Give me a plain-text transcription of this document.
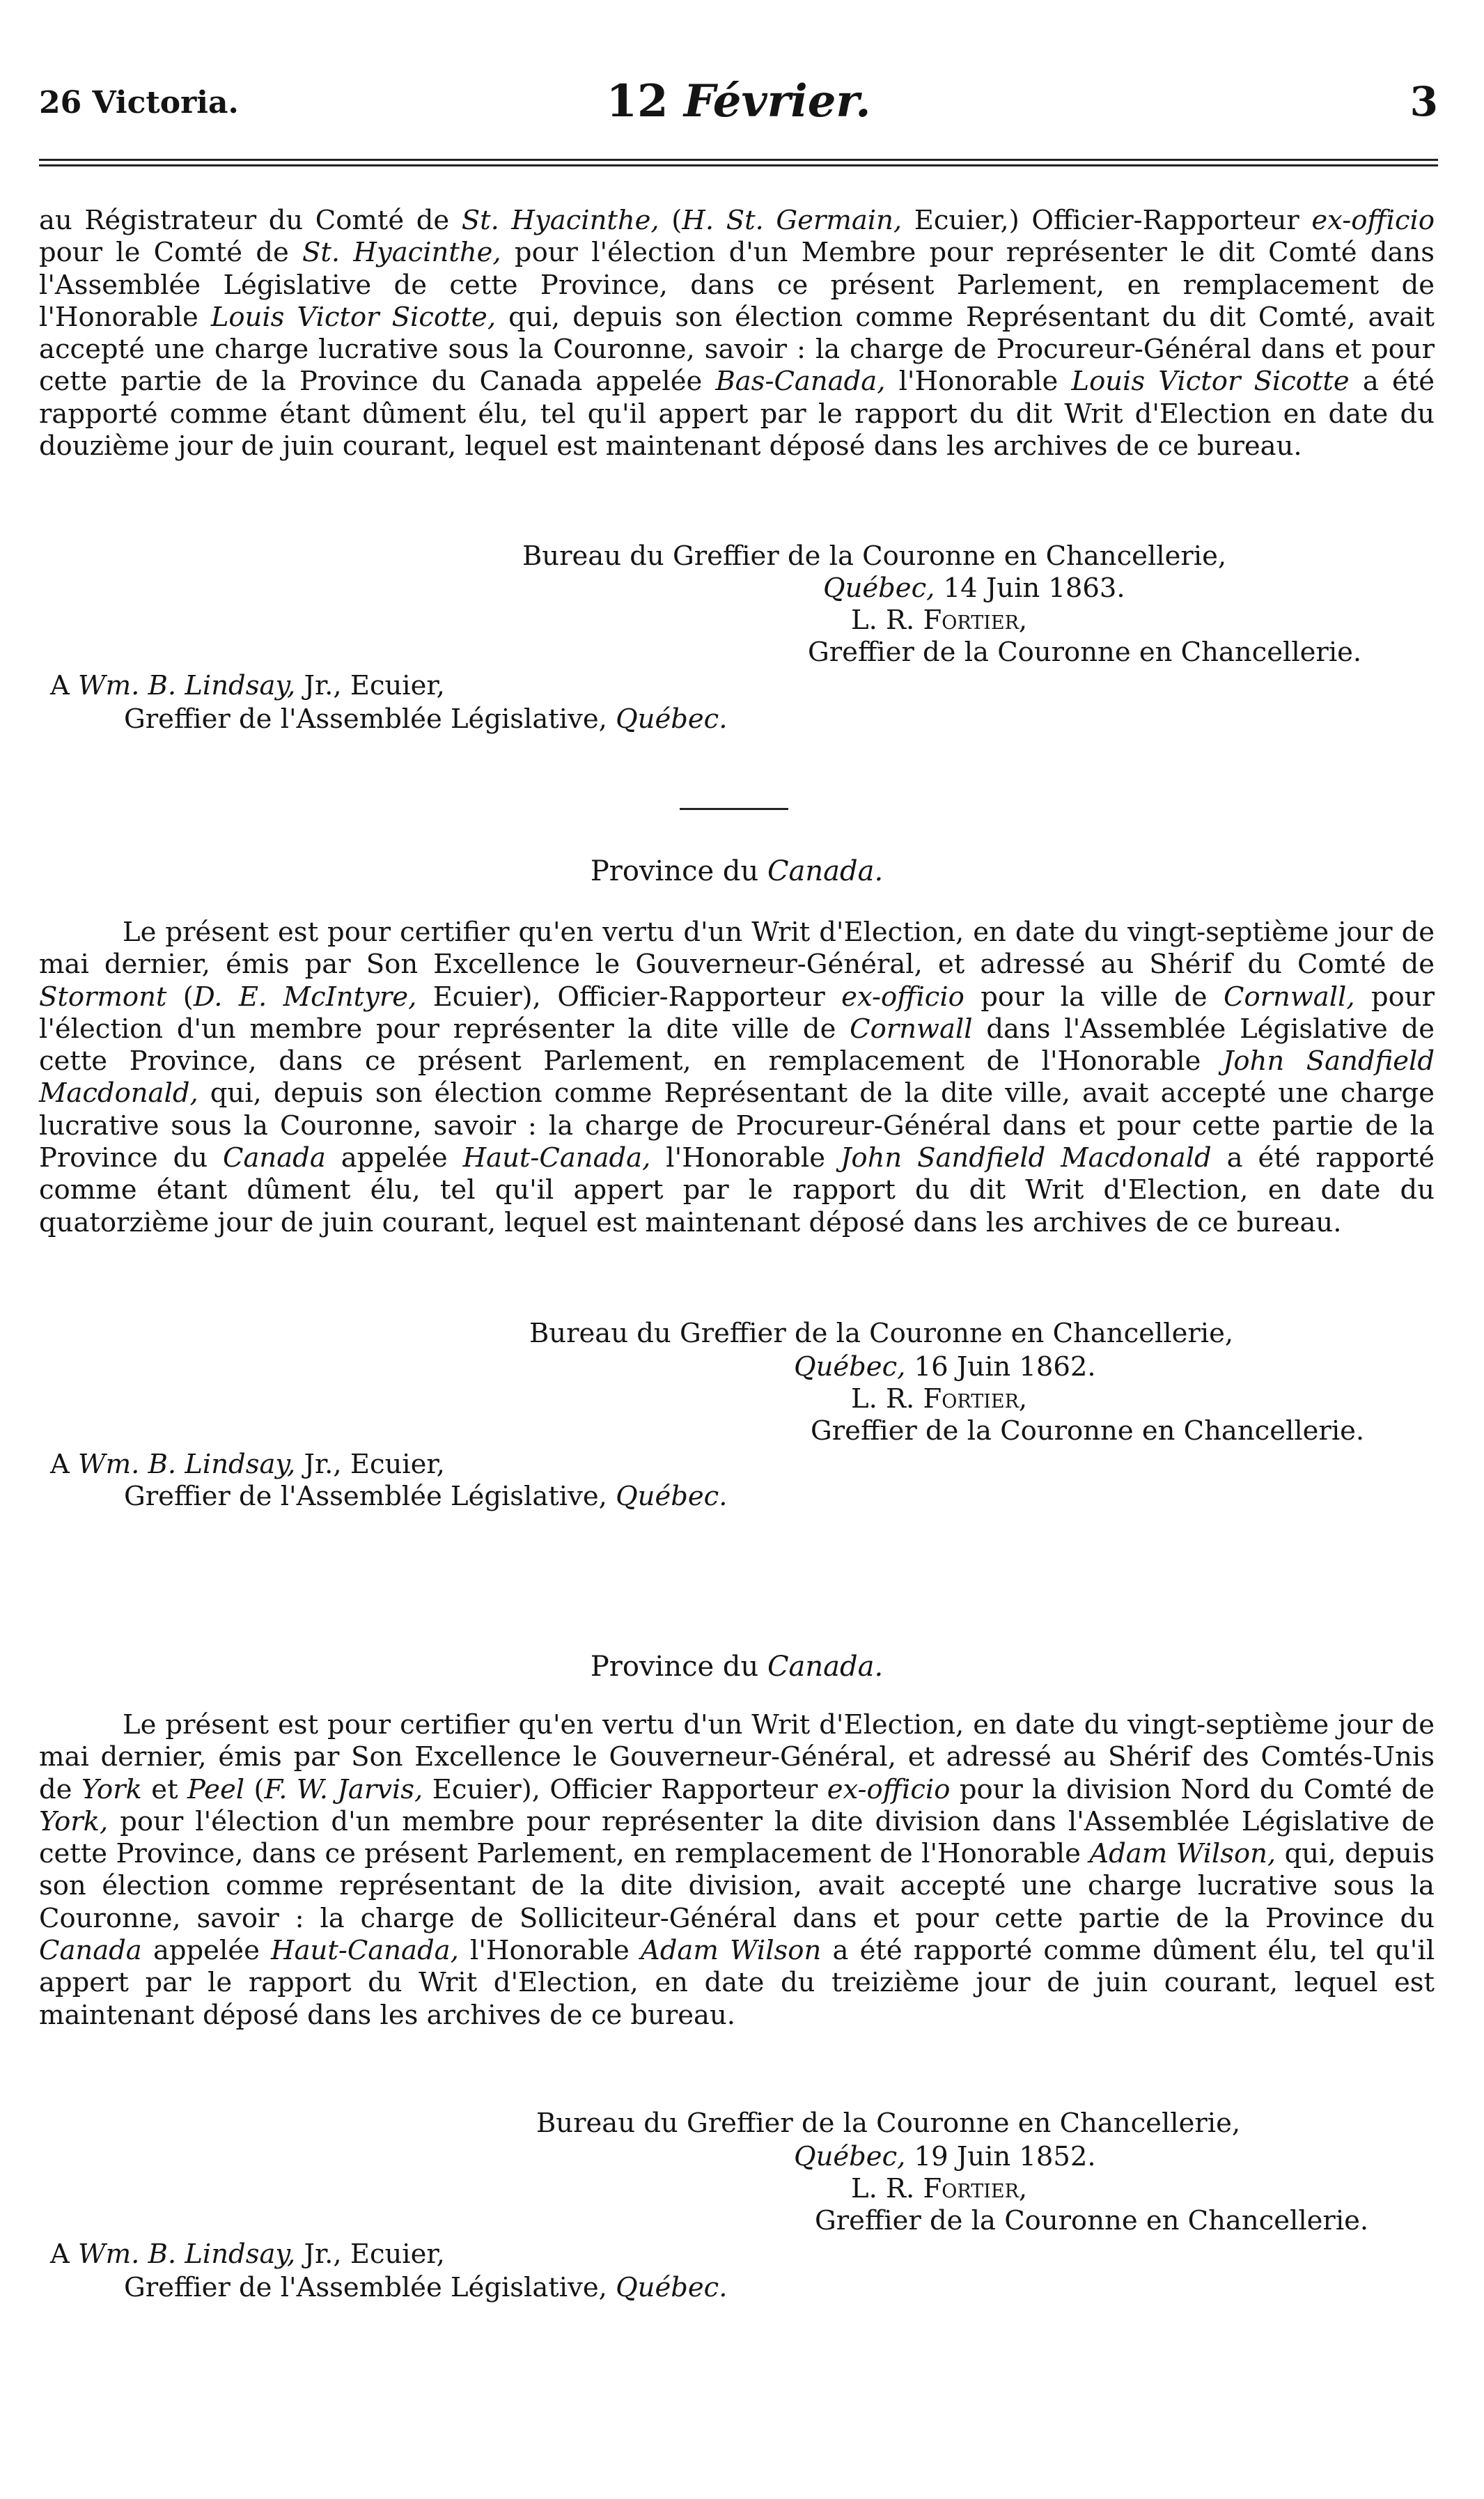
26 Victoria.	12 Février.	3

au Régistrateur du Comté de St. Hyacinthe, (H. St. Germain, Ecuier,) Officier-Rapporteur ex-officio pour le Comté de St. Hyacinthe, pour l'élection d'un Membre pour représenter le dit Comté dans l'Assemblée Législative de cette Province, dans ce présent Parlement, en remplacement de l'Honorable Louis Victor Sicotte, qui, depuis son élection comme Représentant du dit Comté, avait accepté une charge lucrative sous la Couronne, savoir : la charge de Procureur-Général dans et pour cette partie de la Province du Canada appelée Bas-Canada, l'Honorable Louis Victor Sicotte a été rapporté comme étant dûment élu, tel qu'il appert par le rapport du dit Writ d'Election en date du douzième jour de juin courant, lequel est maintenant déposé dans les archives de ce bureau.

Bureau du Greffier de la Couronne en Chancellerie,
Québec, 14 Juin 1863.
L. R. Fortier,
Greffier de la Couronne en Chancellerie.
A Wm. B. Lindsay, Jr., Ecuier,
Greffier de l'Assemblée Législative, Québec.
Province du Canada.

Le présent est pour certifier qu'en vertu d'un Writ d'Election, en date du vingt-septième jour de mai dernier, émis par Son Excellence le Gouverneur-Général, et adressé au Shérif du Comté de Stormont (D. E. McIntyre, Ecuier), Officier-Rapporteur ex-officio pour la ville de Cornwall, pour l'élection d'un membre pour représenter la dite ville de Cornwall dans l'Assemblée Législative de cette Province, dans ce présent Parlement, en remplacement de l'Honorable John Sandfield Macdonald, qui, depuis son élection comme Représentant de la dite ville, avait accepté une charge lucrative sous la Couronne, savoir : la charge de Procureur-Général dans et pour cette partie de la Province du Canada appelée Haut-Canada, l'Honorable John Sandfield Macdonald a été rapporté comme étant dûment élu, tel qu'il appert par le rapport du dit Writ d'Election, en date du quatorzième jour de juin courant, lequel est maintenant déposé dans les archives de ce bureau.

Bureau du Greffier de la Couronne en Chancellerie,
Québec, 16 Juin 1862.
L. R. Fortier,
Greffier de la Couronne en Chancellerie.
A Wm. B. Lindsay, Jr., Ecuier,
Greffier de l'Assemblée Législative, Québec.
Province du Canada.

Le présent est pour certifier qu'en vertu d'un Writ d'Election, en date du vingt-septième jour de mai dernier, émis par Son Excellence le Gouverneur-Général, et adressé au Shérif des Comtés-Unis de York et Peel (F. W. Jarvis, Ecuier), Officier Rapporteur ex-officio pour la division Nord du Comté de York, pour l'élection d'un membre pour représenter la dite division dans l'Assemblée Législative de cette Province, dans ce présent Parlement, en remplacement de l'Honorable Adam Wilson, qui, depuis son élection comme représentant de la dite division, avait accepté une charge lucrative sous la Couronne, savoir : la charge de Solliciteur-Général dans et pour cette partie de la Province du Canada appelée Haut-Canada, l'Honorable Adam Wilson a été rapporté comme dûment élu, tel qu'il appert par le rapport du Writ d'Election, en date du treizième jour de juin courant, lequel est maintenant déposé dans les archives de ce bureau.

Bureau du Greffier de la Couronne en Chancellerie,
Québec, 19 Juin 1852.
L. R. Fortier,
Greffier de la Couronne en Chancellerie.
A Wm. B. Lindsay, Jr., Ecuier,
Greffier de l'Assemblée Législative, Québec.
